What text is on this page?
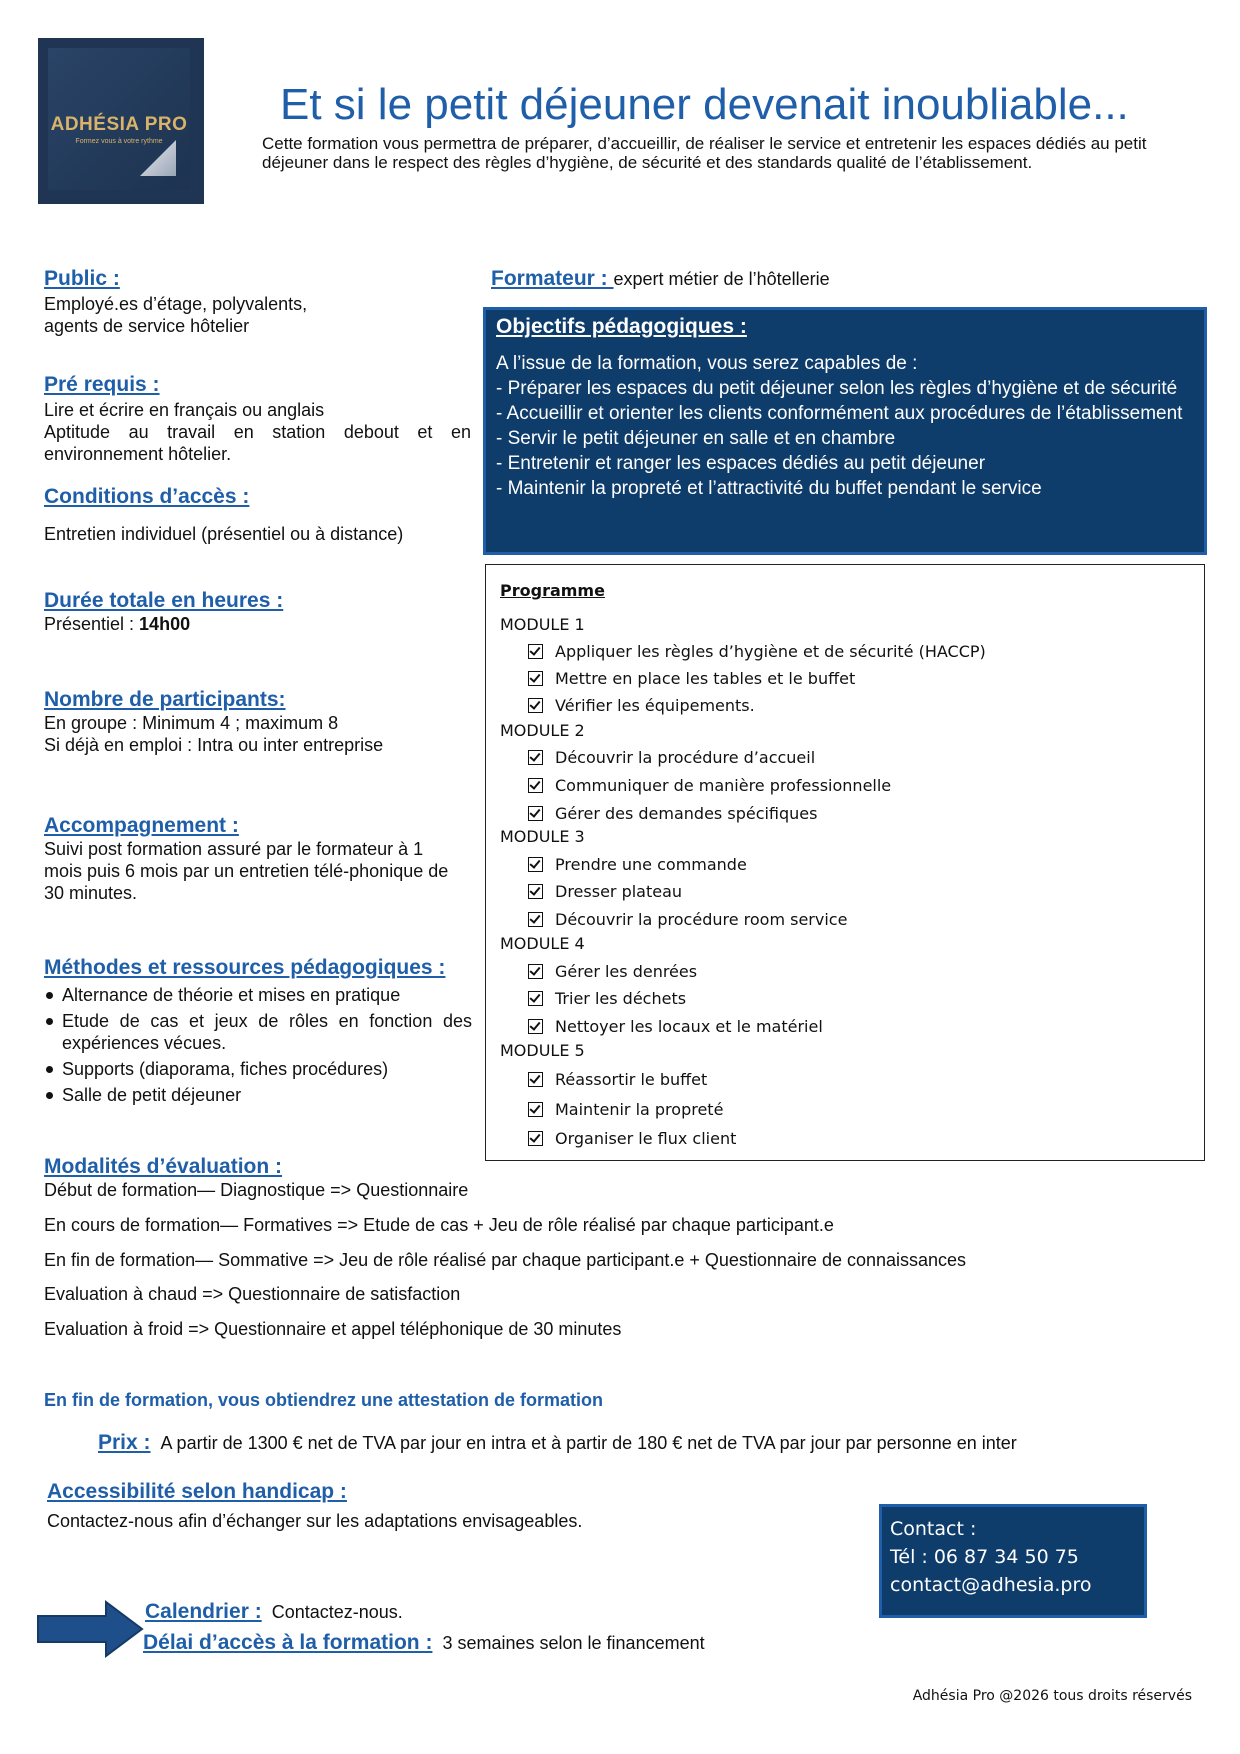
ADHÉSIA PRO
Formez vous à votre rythme
Et si le petit déjeuner devenait inoubliable...
Cette formation vous permettra de préparer, d’accueillir, de réaliser le service et entretenir les espaces dédiés au petit déjeuner dans le respect des règles d’hygiène, de sécurité et des standards qualité de l’établissement.
Public :
Employé.es d’étage, polyvalents,
agents de service hôtelier
Pré requis :
Lire et écrire en français ou anglais
Aptitude au travail en station debout et en environnement hôtelier.
Conditions d’accès :
Entretien individuel (présentiel ou à distance)
Durée totale en heures :
Présentiel : 14h00
Nombre de participants:
En groupe : Minimum 4 ; maximum 8
Si déjà en emploi : Intra ou inter entreprise
Accompagnement :
Suivi post formation assuré par le formateur à 1 mois puis 6 mois par un entretien télé-phonique de 30 minutes.
Méthodes et ressources pédagogiques :
Alternance de théorie et mises en pratique
Etude de cas et jeux de rôles en fonction des expériences vécues.
Supports (diaporama, fiches procédures)
Salle de petit déjeuner
Formateur : expert métier de l’hôtellerie
Objectifs pédagogiques :
A l’issue de la formation, vous serez capables de :
- Préparer les espaces du petit déjeuner selon les règles d’hygiène et de sécurité
- Accueillir et orienter les clients conformément aux procédures de l’établissement
- Servir le petit déjeuner en salle et en chambre
- Entretenir et ranger les espaces dédiés au petit déjeuner
- Maintenir la propreté et l’attractivité du buffet pendant le service
Programme
MODULE 1
Appliquer les règles d’hygiène et de sécurité (HACCP)
Mettre en place les tables et le buffet
Vérifier les équipements.
MODULE 2
Découvrir la procédure d’accueil
Communiquer de manière professionnelle
Gérer des demandes spécifiques
MODULE 3
Prendre une commande
Dresser plateau
Découvrir la procédure room service
MODULE 4
Gérer les denrées
Trier les déchets
Nettoyer les locaux et le matériel
MODULE 5
Réassortir le buffet
Maintenir la propreté
Organiser le flux client
Modalités d’évaluation :
Début de formation— Diagnostique => Questionnaire
En cours de formation— Formatives => Etude de cas + Jeu de rôle réalisé par chaque participant.e
En fin de formation— Sommative => Jeu de rôle réalisé par chaque participant.e + Questionnaire de connaissances
Evaluation à chaud => Questionnaire de satisfaction
Evaluation à froid => Questionnaire et appel téléphonique de 30 minutes
En fin de formation, vous obtiendrez une attestation de formation
Prix : A partir de 1300 € net de TVA par jour en intra et à partir de 180 € net de TVA par jour par personne en inter
Accessibilité selon handicap :
Contactez-nous afin d’échanger sur les adaptations envisageables.	Contact :
Tél : 06 87 34 50 75
contact@adhesia.pro
Calendrier : Contactez-nous.
Délai d’accès à la formation : 3 semaines selon le financement
Adhésia Pro @2026 tous droits réservés
